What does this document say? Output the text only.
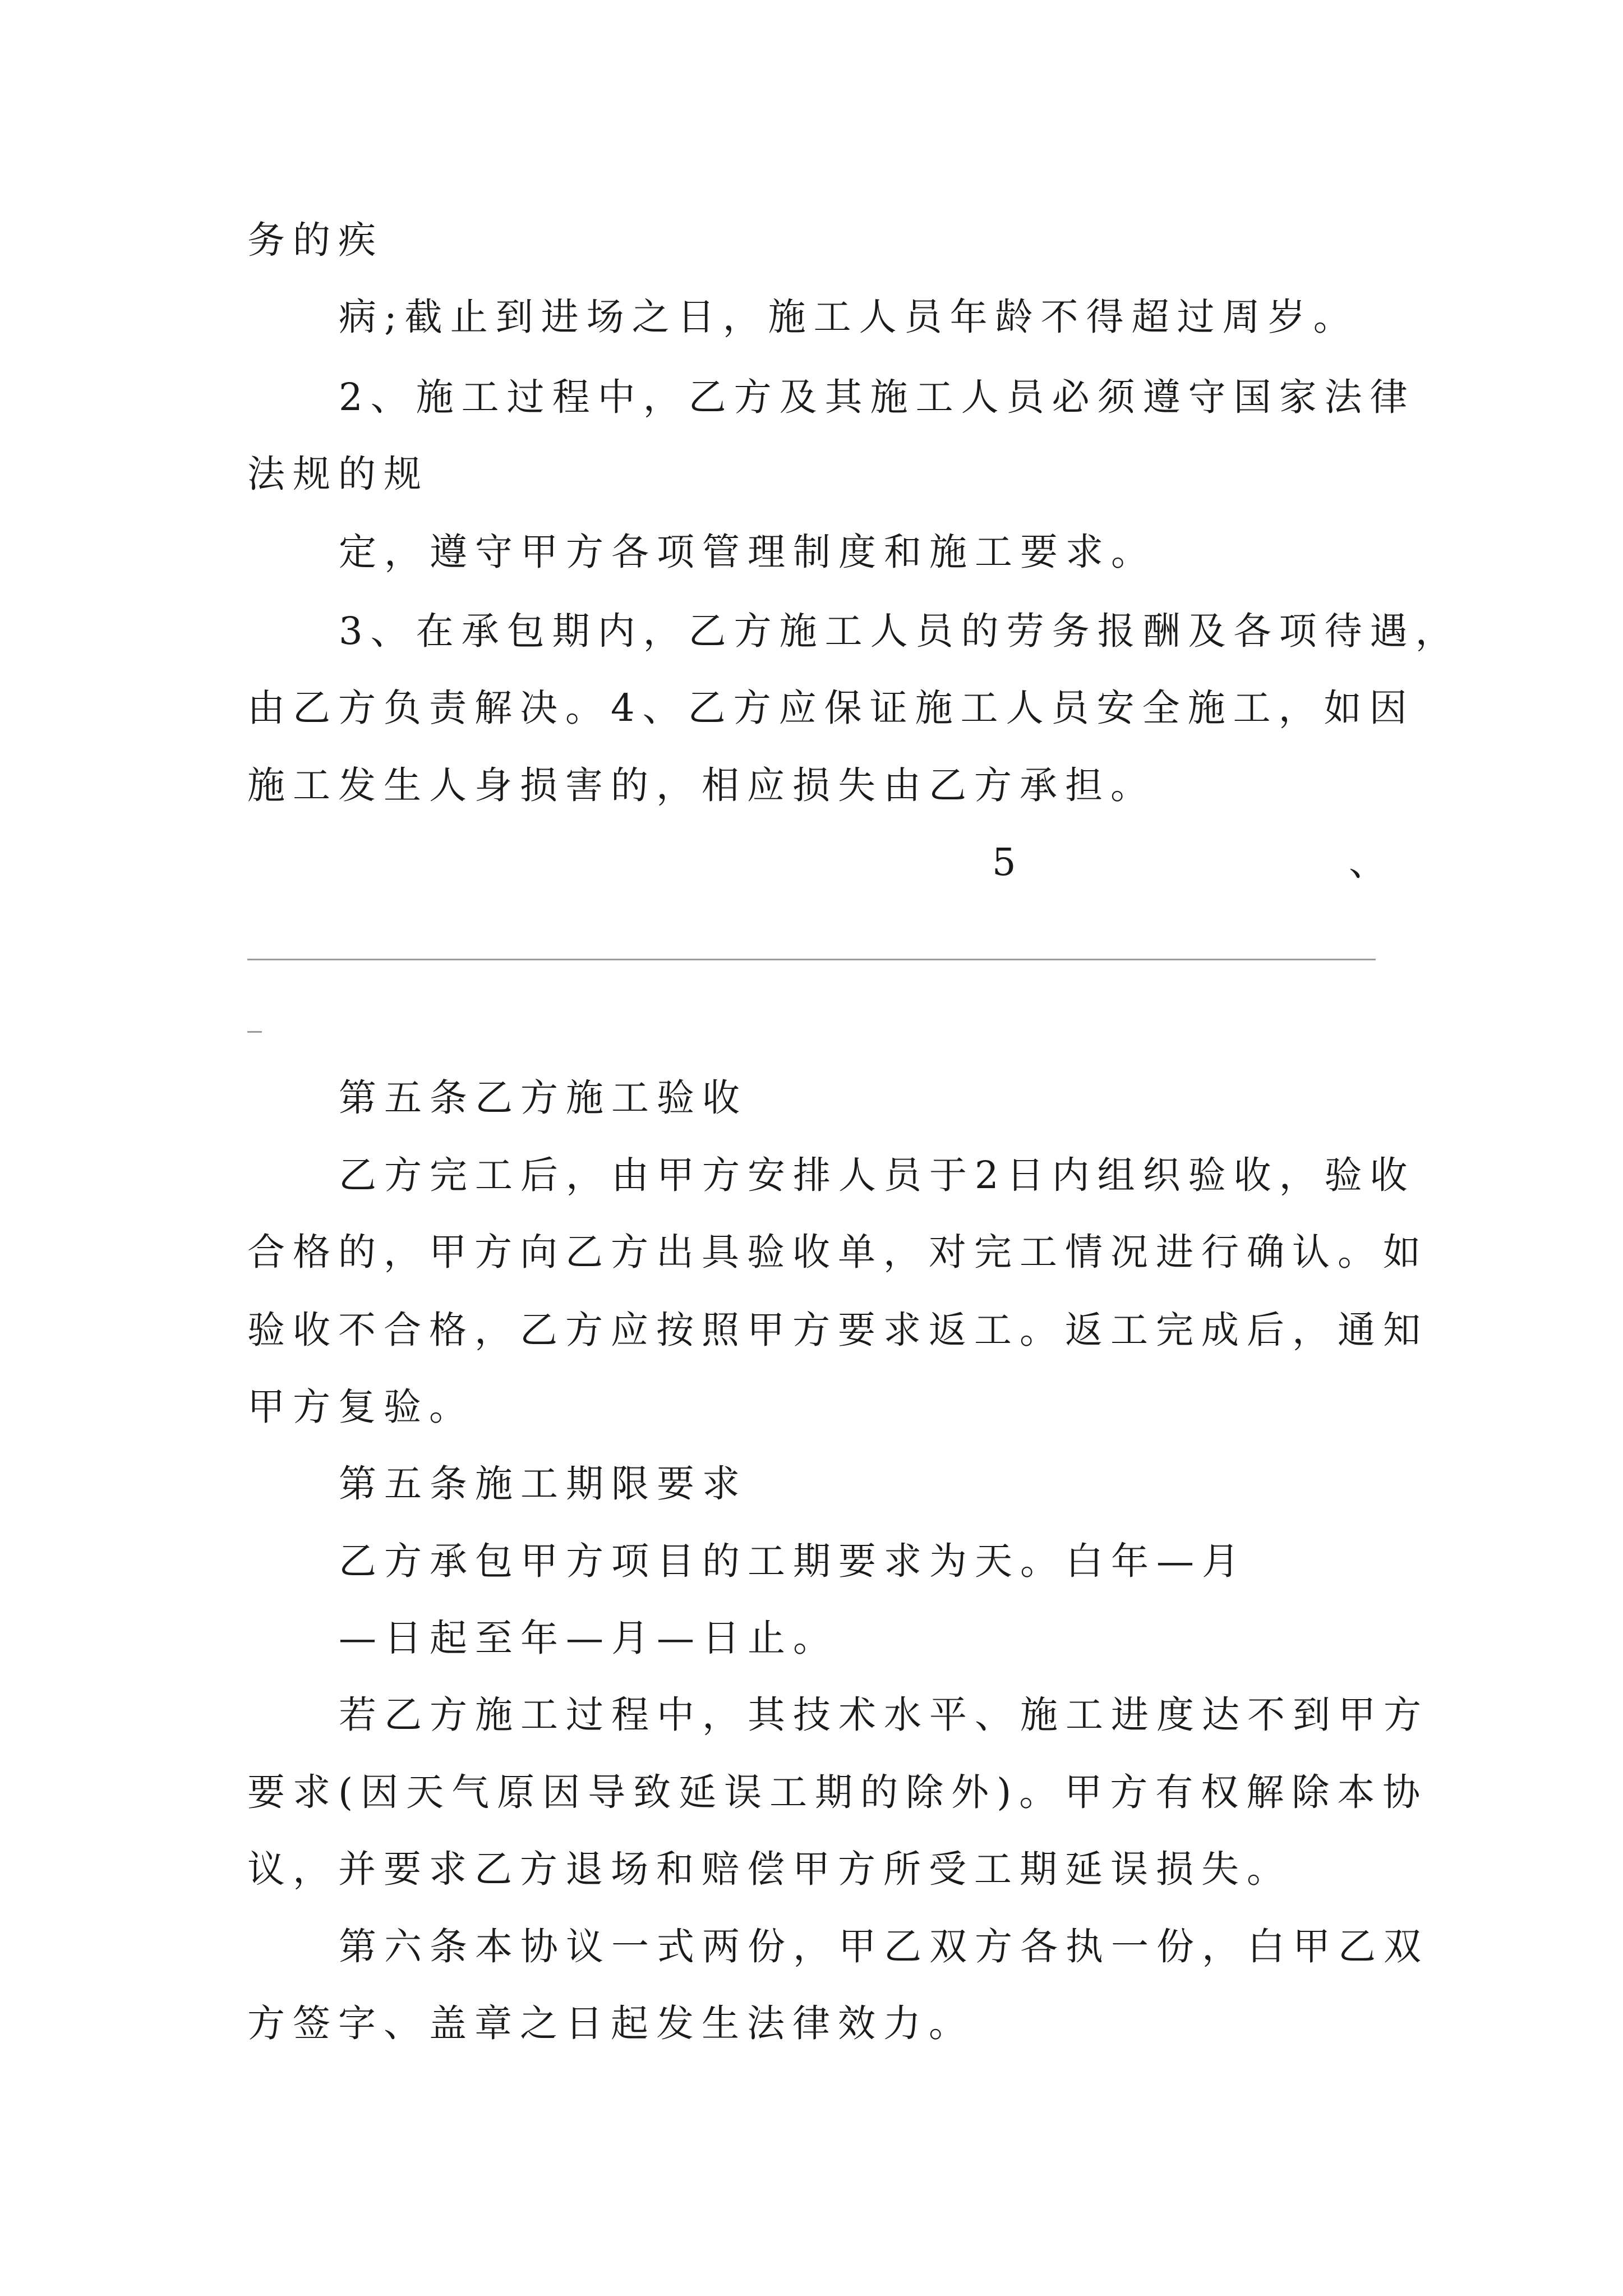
务的疾
病;截止到进场之日，施工人员年龄不得超过周岁。
2、施工过程中，乙方及其施工人员必须遵守国家法律
法规的规
定，遵守甲方各项管理制度和施工要求。
3、在承包期内，乙方施工人员的劳务报酬及各项待遇，
由乙方负责解决。4、乙方应保证施工人员安全施工，如因
施工发生人身损害的，相应损失由乙方承担。
5	、
第五条乙方施工验收
乙方完工后，由甲方安排人员于2日内组织验收，验收
合格的，甲方向乙方出具验收单，对完工情况进行确认。如
验收不合格，乙方应按照甲方要求返工。返工完成后，通知
甲方复验。
第五条施工期限要求
乙方承包甲方项目的工期要求为天。白年—月
—日起至年—月—日止。
若乙方施工过程中，其技术水平、施工进度达不到甲方
要求(因天气原因导致延误工期的除外)。甲方有权解除本协
议，并要求乙方退场和赔偿甲方所受工期延误损失。
第六条本协议一式两份，甲乙双方各执一份，白甲乙双
方签字、盖章之日起发生法律效力。
